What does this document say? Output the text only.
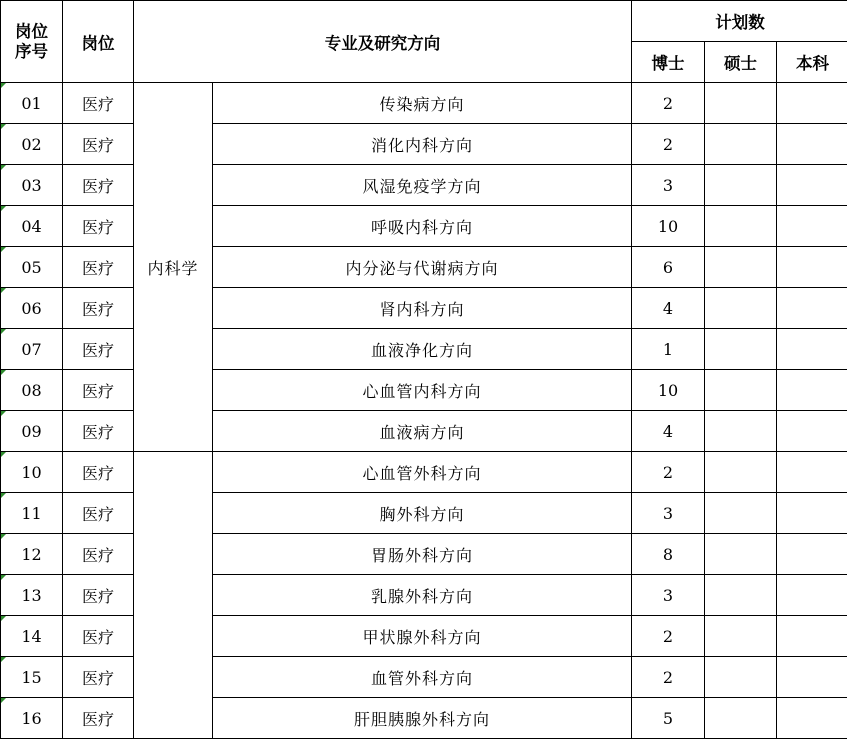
岗位
序号	岗位	专业及研究方向		计划数		
				博士	硕士	本科
01	医疗	内科学	传染病方向	2		
02	医疗		消化内科方向	2		
03	医疗		风湿免疫学方向	3		
04	医疗		呼吸内科方向	10		
05	医疗		内分泌与代谢病方向	6		
06	医疗		肾内科方向	4		
07	医疗		血液净化方向	1		
08	医疗		心血管内科方向	10		
09	医疗		血液病方向	4		
10	医疗		心血管外科方向	2		
11	医疗		胸外科方向	3		
12	医疗		胃肠外科方向	8		
13	医疗		乳腺外科方向	3		
14	医疗		甲状腺外科方向	2		
15	医疗		血管外科方向	2		
16	医疗		肝胆胰腺外科方向	5		
